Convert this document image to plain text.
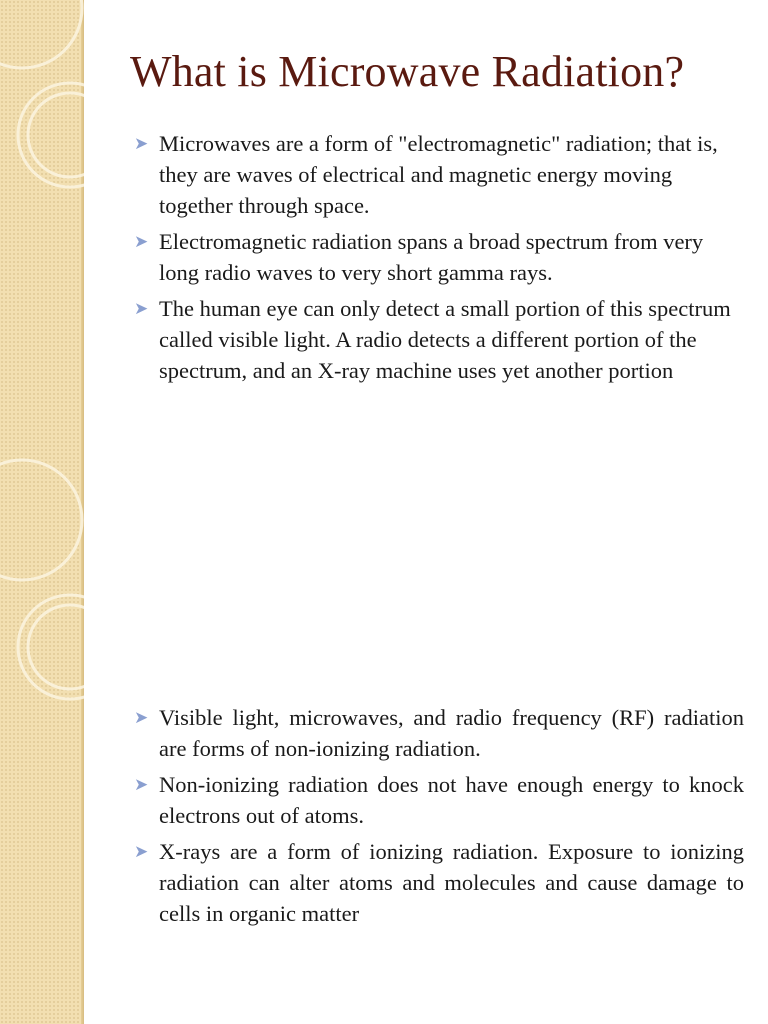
What is Microwave Radiation?
➤ Microwaves are a form of "electromagnetic" radiation; that is, they are waves of electrical and magnetic energy moving together through space.
➤ Electromagnetic radiation spans a broad spectrum from very long radio waves to very short gamma rays.
➤ The human eye can only detect a small portion of this spectrum called visible light. A radio detects a different portion of the spectrum, and an X-ray machine uses yet another portion
➤ Visible light, microwaves, and radio frequency (RF) radiation are forms of non-ionizing radiation.
➤ Non-ionizing radiation does not have enough energy to knock electrons out of atoms.
➤ X-rays are a form of ionizing radiation. Exposure to ionizing radiation can alter atoms and molecules and cause damage to cells in organic matter
